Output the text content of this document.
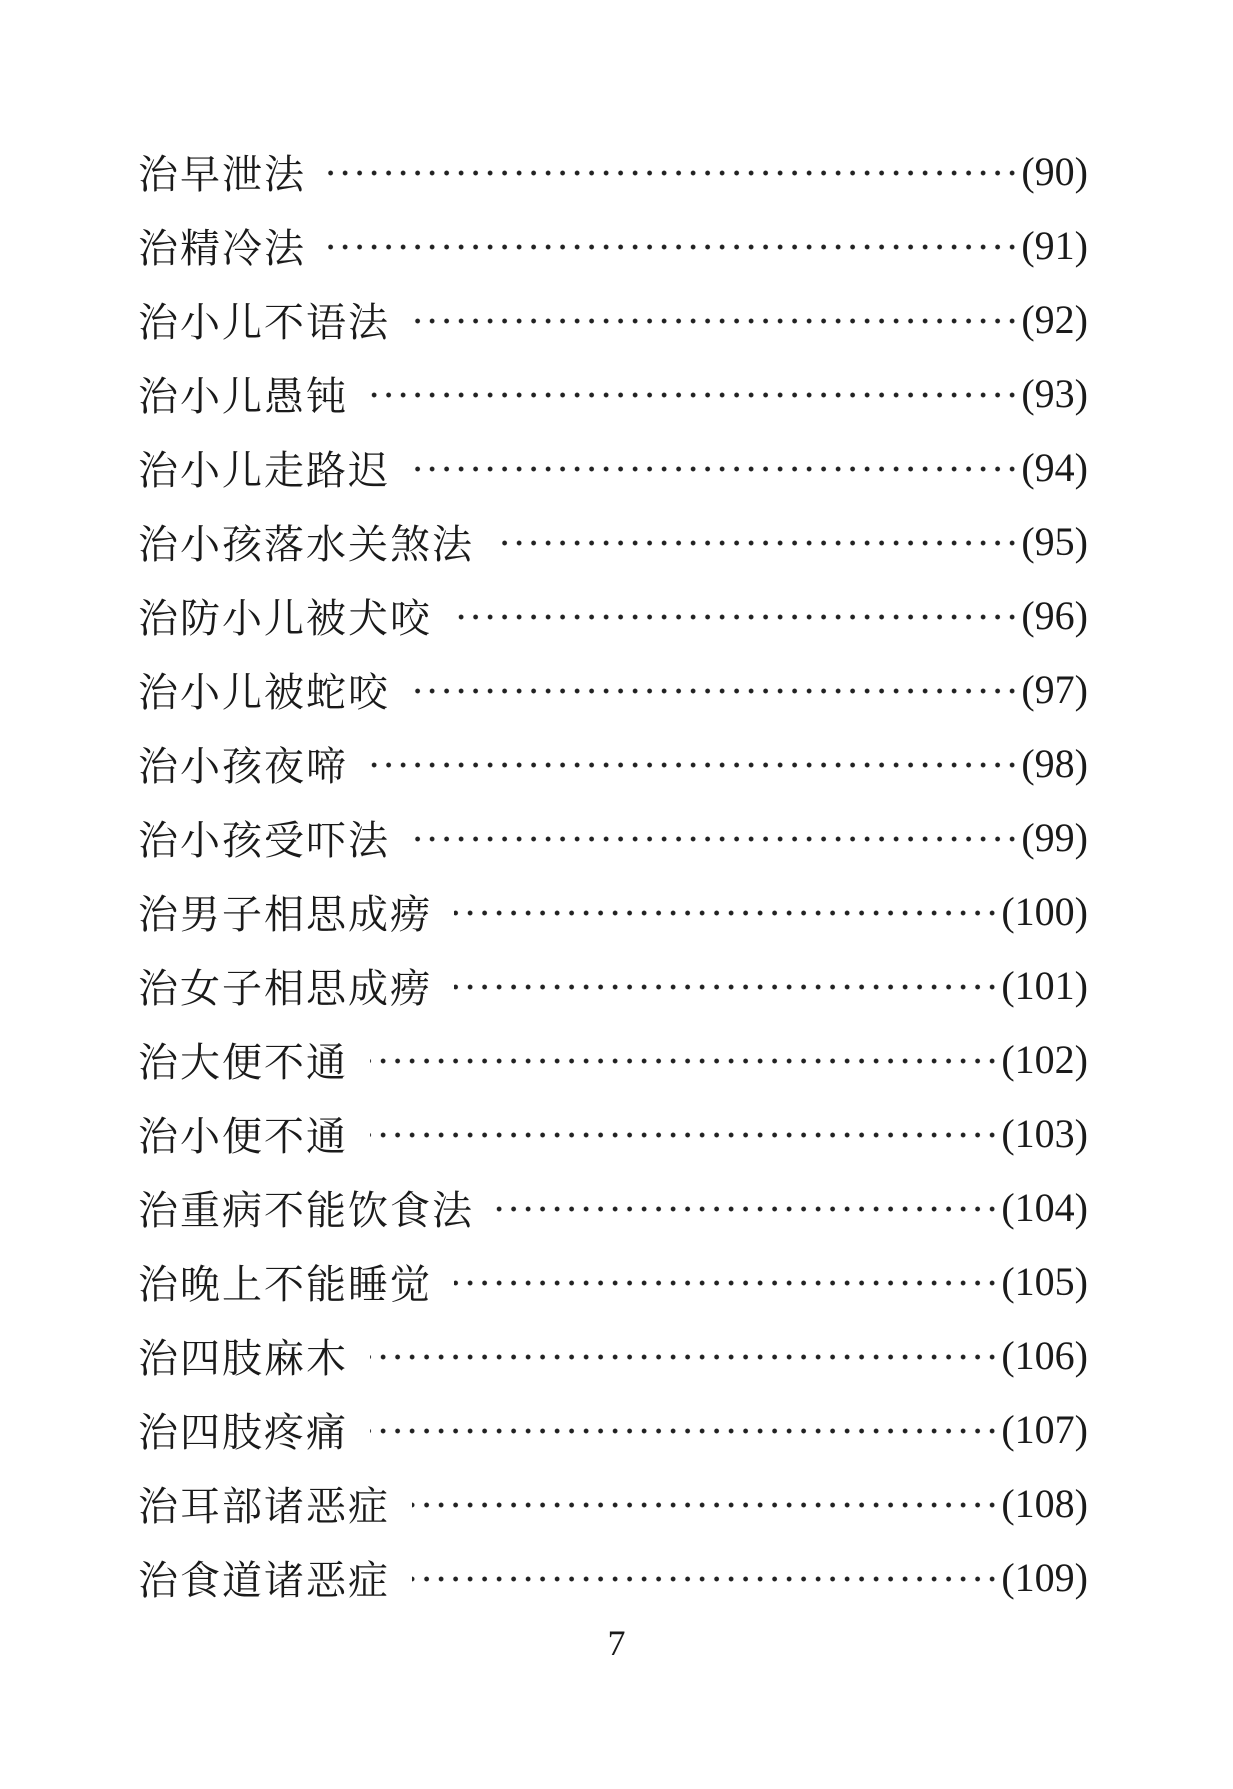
治早泄法	(90)
治精冷法	(91)
治小儿不语法	(92)
治小儿愚钝	(93)
治小儿走路迟	(94)
治小孩落水关煞法	(95)
治防小儿被犬咬	(96)
治小儿被蛇咬	(97)
治小孩夜啼	(98)
治小孩受吓法	(99)
治男子相思成痨	(100)
治女子相思成痨	(101)
治大便不通	(102)
治小便不通	(103)
治重病不能饮食法	(104)
治晚上不能睡觉	(105)
治四肢麻木	(106)
治四肢疼痛	(107)
治耳部诸恶症	(108)
治食道诸恶症	(109)
7
